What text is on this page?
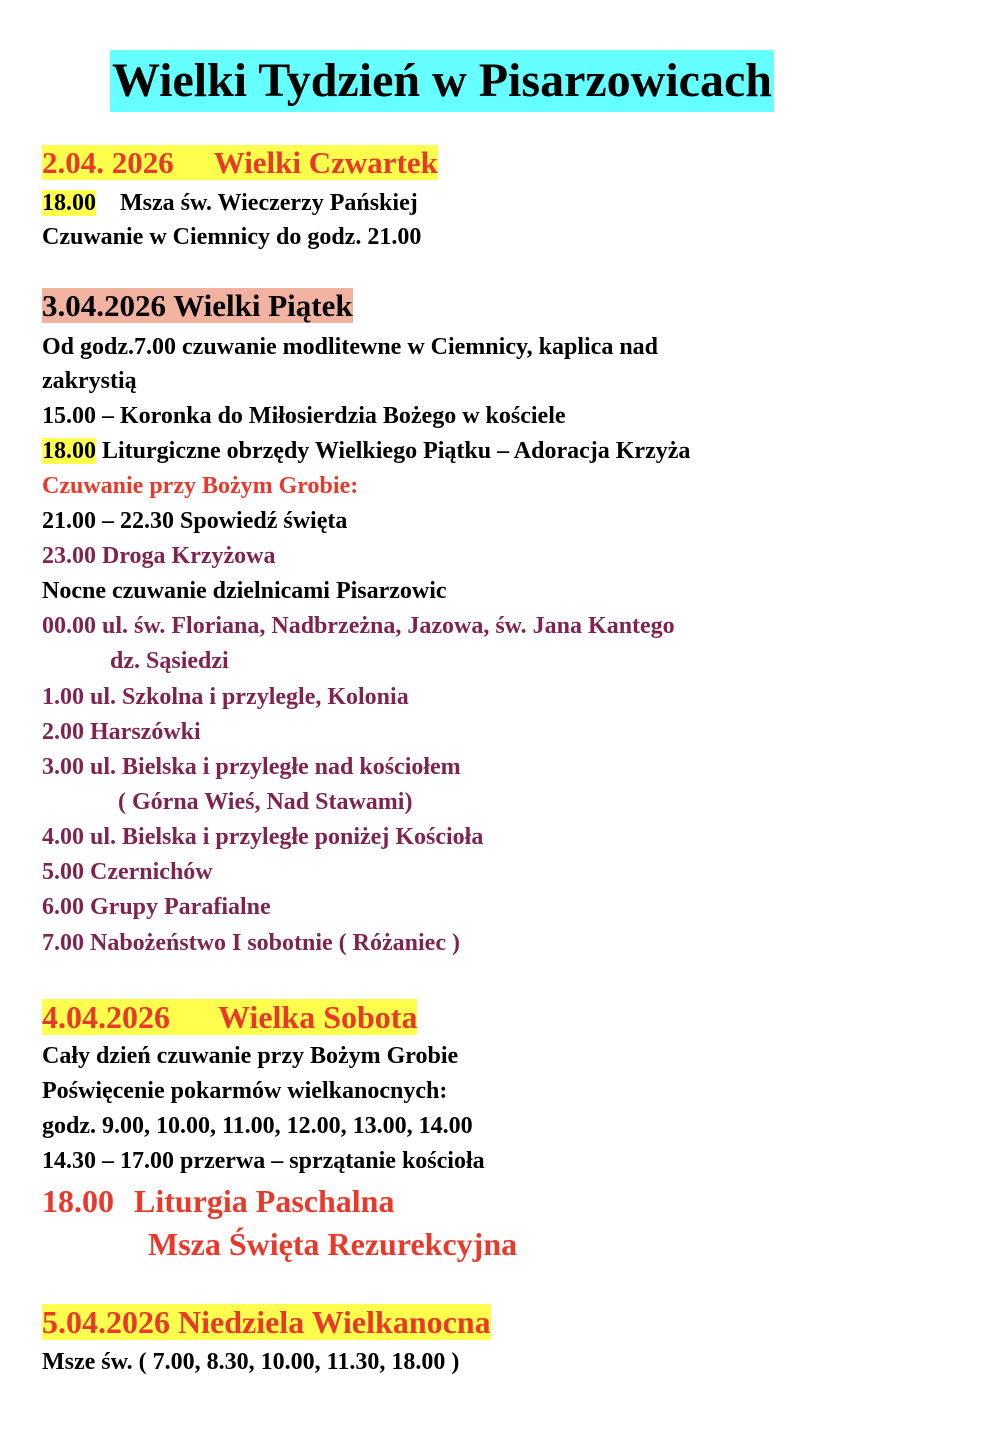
Wielki Tydzień w Pisarzowicach
2.04. 2026 Wielki Czwartek
18.00 Msza św. Wieczerzy Pańskiej
Czuwanie w Ciemnicy do godz. 21.00
3.04.2026 Wielki Piątek
Od godz.7.00 czuwanie modlitewne w Ciemnicy, kaplica nad
zakrystią
15.00 – Koronka do Miłosierdzia Bożego w kościele
18.00 Liturgiczne obrzędy Wielkiego Piątku – Adoracja Krzyża
Czuwanie przy Bożym Grobie:
21.00 – 22.30 Spowiedź święta
23.00 Droga Krzyżowa
Nocne czuwanie dzielnicami Pisarzowic
00.00 ul. św. Floriana, Nadbrzeżna, Jazowa, św. Jana Kantego
dz. Sąsiedzi
1.00 ul. Szkolna i przylegle, Kolonia
2.00 Harszówki
3.00 ul. Bielska i przyległe nad kościołem
( Górna Wieś, Nad Stawami)
4.00 ul. Bielska i przyległe poniżej Kościoła
5.00 Czernichów
6.00 Grupy Parafialne
7.00 Nabożeństwo I sobotnie ( Różaniec )
4.04.2026 Wielka Sobota
Cały dzień czuwanie przy Bożym Grobie
Poświęcenie pokarmów wielkanocnych:
godz. 9.00, 10.00, 11.00, 12.00, 13.00, 14.00
14.30 – 17.00 przerwa – sprzątanie kościoła
18.00 Liturgia Paschalna
Msza Święta Rezurekcyjna
5.04.2026 Niedziela Wielkanocna
Msze św. ( 7.00, 8.30, 10.00, 11.30, 18.00 )
